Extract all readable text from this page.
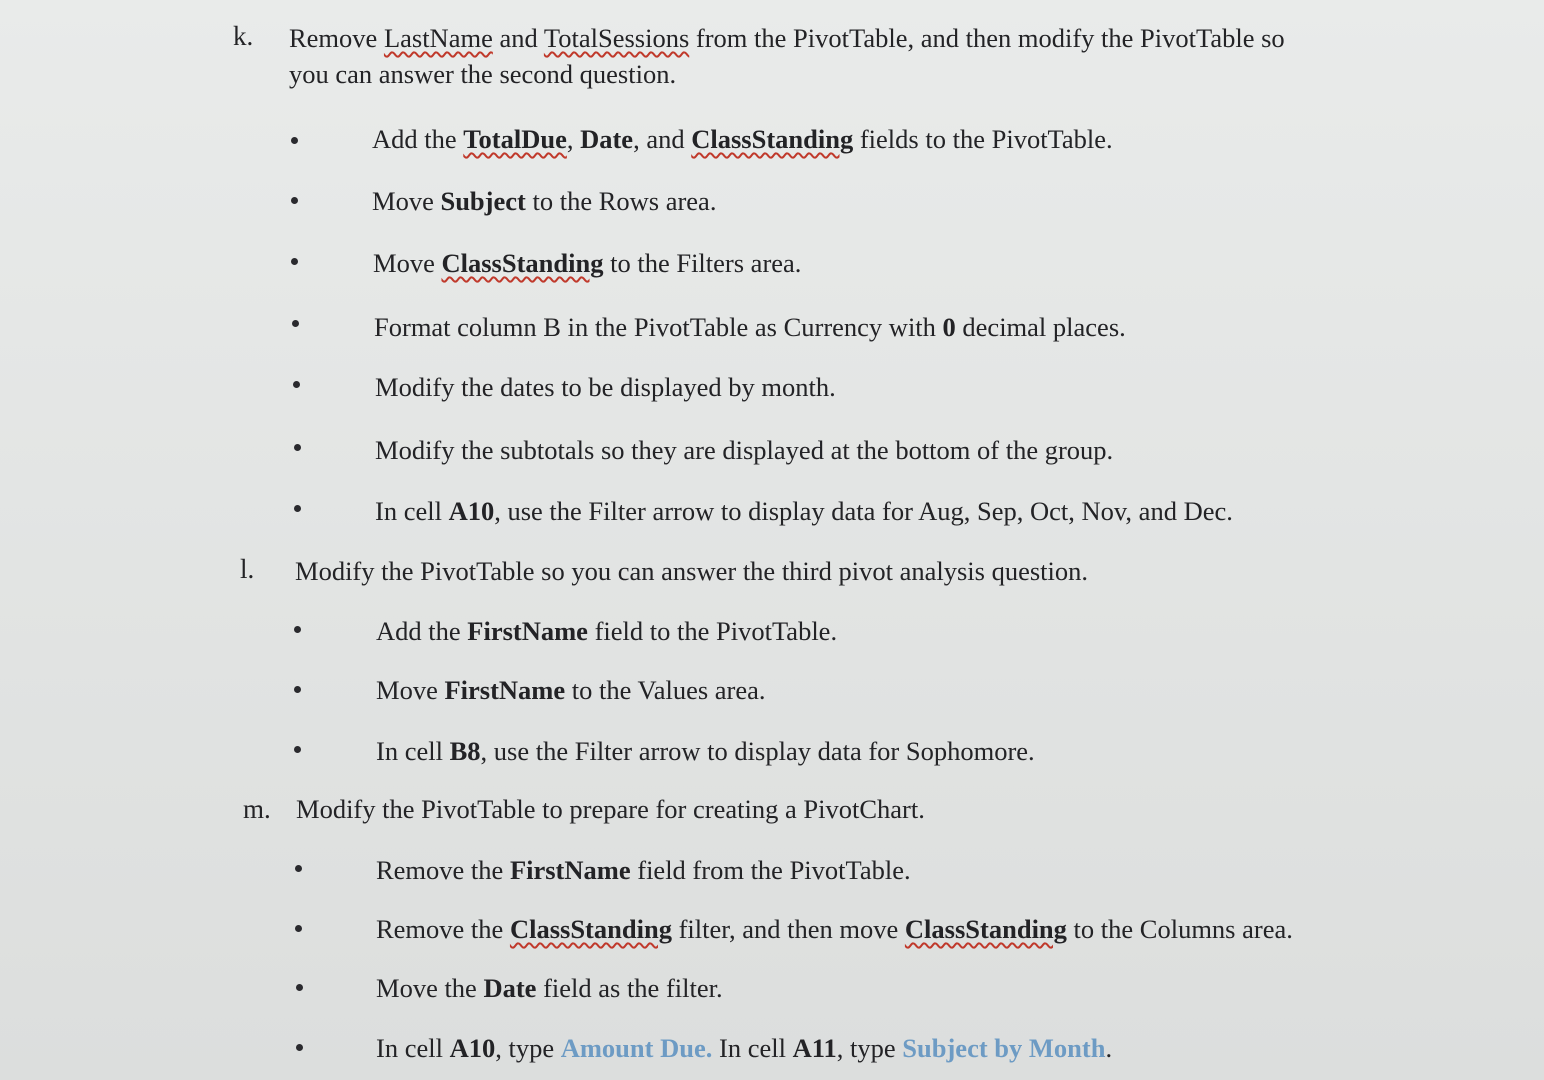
k. Remove LastName and TotalSessions from the PivotTable, and then modify the PivotTable so
you can answer the second question.
Add the TotalDue, Date, and ClassStanding fields to the PivotTable.
Move Subject to the Rows area.
Move ClassStanding to the Filters area.
Format column B in the PivotTable as Currency with 0 decimal places.
Modify the dates to be displayed by month.
Modify the subtotals so they are displayed at the bottom of the group.
In cell A10, use the Filter arrow to display data for Aug, Sep, Oct, Nov, and Dec.
l. Modify the PivotTable so you can answer the third pivot analysis question.
Add the FirstName field to the PivotTable.
Move FirstName to the Values area.
In cell B8, use the Filter arrow to display data for Sophomore.
m. Modify the PivotTable to prepare for creating a PivotChart.
Remove the FirstName field from the PivotTable.
Remove the ClassStanding filter, and then move ClassStanding to the Columns area.
Move the Date field as the filter.
In cell A10, type Amount Due. In cell A11, type Subject by Month.
